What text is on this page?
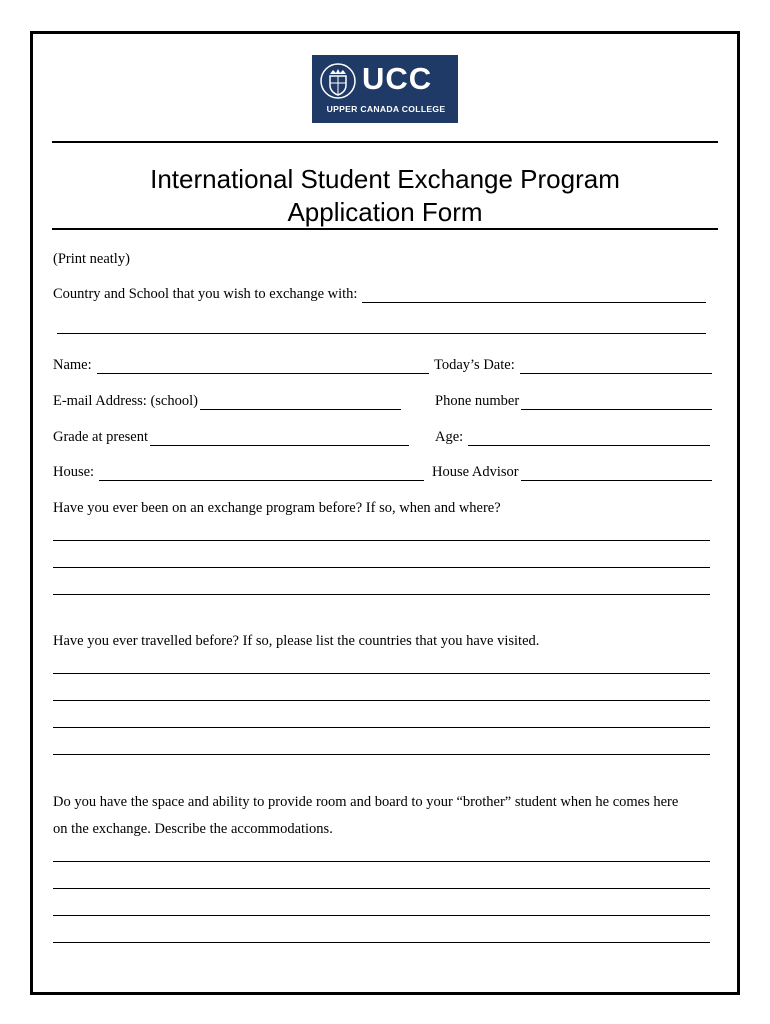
UCC
UPPER CANADA COLLEGE
International Student Exchange Program
Application Form
(Print neatly)
Country and School that you wish to exchange with:
Name:	Today’s Date:
E-mail Address: (school)	Phone number
Grade at present	Age:
House:	House Advisor
Have you ever been on an exchange program before? If so, when and where?
Have you ever travelled before? If so, please list the countries that you have visited.
Do you have the space and ability to provide room and board to your “brother” student when he comes here
on the exchange. Describe the accommodations.
